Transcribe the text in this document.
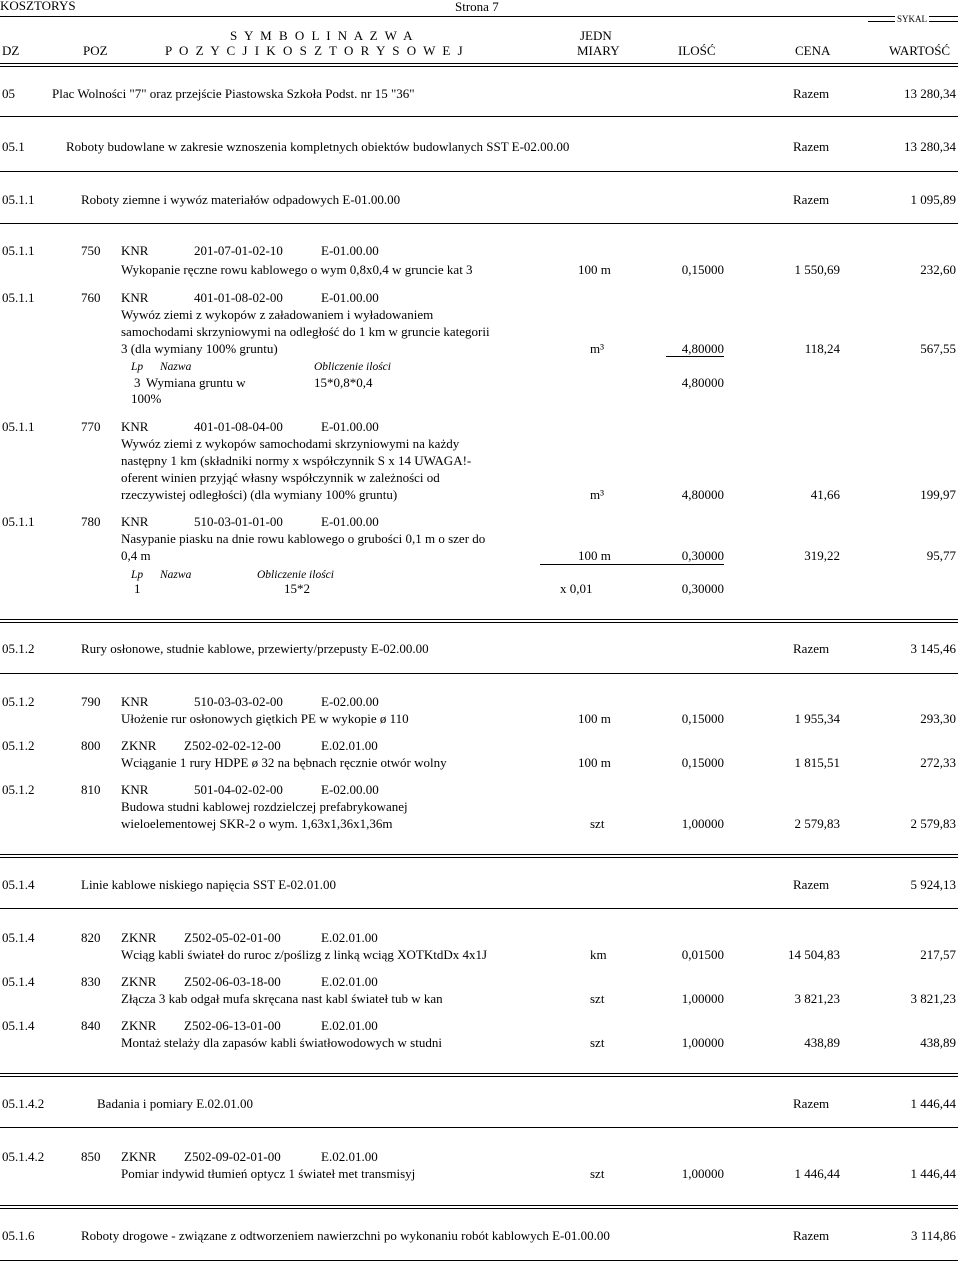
KOSZTORYS	Strona 7
SYKAL
S Y M B O L I N A Z W A	JEDN
DZ	POZ	P O Z Y C J I K O S Z T O R Y S O W E J	MIARY	ILOŚĆ	CENA	WARTOŚĆ
05	Plac Wolności "7" oraz przejście Piastowska Szkoła Podst. nr 15 "36"	Razem	13 280,34
05.1	Roboty budowlane w zakresie wznoszenia kompletnych obiektów budowlanych SST E-02.00.00	Razem	13 280,34
05.1.1	Roboty ziemne i wywóz materiałów odpadowych E-01.00.00	Razem	1 095,89
05.1.1	750 KNR	201-07-01-02-10	E-01.00.00
Wykopanie ręczne rowu kablowego o wym 0,8x0,4 w gruncie kat 3	100 m	0,15000	1 550,69	232,60
05.1.1	760 KNR	401-01-08-02-00	E-01.00.00
Wywóz ziemi z wykopów z załadowaniem i wyładowaniem
samochodami skrzyniowymi na odległość do 1 km w gruncie kategorii
3 (dla wymiany 100% gruntu)	m³	4,80000	118,24	567,55
Lp Nazwa	Obliczenie ilości
3 Wymiana gruntu w	15*0,8*0,4	4,80000
100%
05.1.1	770 KNR	401-01-08-04-00	E-01.00.00
Wywóz ziemi z wykopów samochodami skrzyniowymi na każdy
następny 1 km (składniki normy x współczynnik S x 14 UWAGA!-
oferent winien przyjąć własny współczynnik w zależności od
rzeczywistej odległości) (dla wymiany 100% gruntu)	m³	4,80000	41,66	199,97
05.1.1	780 KNR	510-03-01-01-00	E-01.00.00
Nasypanie piasku na dnie rowu kablowego o grubości 0,1 m o szer do
0,4 m	100 m	0,30000	319,22	95,77
Lp Nazwa	Obliczenie ilości
1	15*2	x 0,01	0,30000
05.1.2	Rury osłonowe, studnie kablowe, przewierty/przepusty E-02.00.00	Razem	3 145,46
05.1.2	790 KNR	510-03-03-02-00	E-02.00.00
Ułożenie rur osłonowych giętkich PE w wykopie ø 110	100 m	0,15000	1 955,34	293,30
05.1.2	800 ZKNR Z502-02-02-12-00	E.02.01.00
Wciąganie 1 rury HDPE ø 32 na bębnach ręcznie otwór wolny	100 m	0,15000	1 815,51	272,33
05.1.2	810 KNR	501-04-02-02-00	E-02.00.00
Budowa studni kablowej rozdzielczej prefabrykowanej
wieloelementowej SKR-2 o wym. 1,63x1,36x1,36m	szt	1,00000	2 579,83	2 579,83
05.1.4	Linie kablowe niskiego napięcia SST E-02.01.00	Razem	5 924,13
05.1.4	820 ZKNR Z502-05-02-01-00	E.02.01.00
Wciąg kabli świateł do ruroc z/poślizg z linką wciąg XOTKtdDx 4x1J	km	0,01500	14 504,83	217,57
05.1.4	830 ZKNR Z502-06-03-18-00	E.02.01.00
Złącza 3 kab odgał mufa skręcana nast kabl świateł tub w kan	szt	1,00000	3 821,23	3 821,23
05.1.4	840 ZKNR Z502-06-13-01-00	E.02.01.00
Montaż stelaży dla zapasów kabli światłowodowych w studni	szt	1,00000	438,89	438,89
05.1.4.2	Badania i pomiary E.02.01.00	Razem	1 446,44
05.1.4.2	850 ZKNR Z502-09-02-01-00	E.02.01.00
Pomiar indywid tłumień optycz 1 świateł met transmisyj	szt	1,00000	1 446,44	1 446,44
05.1.6	Roboty drogowe - związane z odtworzeniem nawierzchni po wykonaniu robót kablowych E-01.00.00	Razem	3 114,86
